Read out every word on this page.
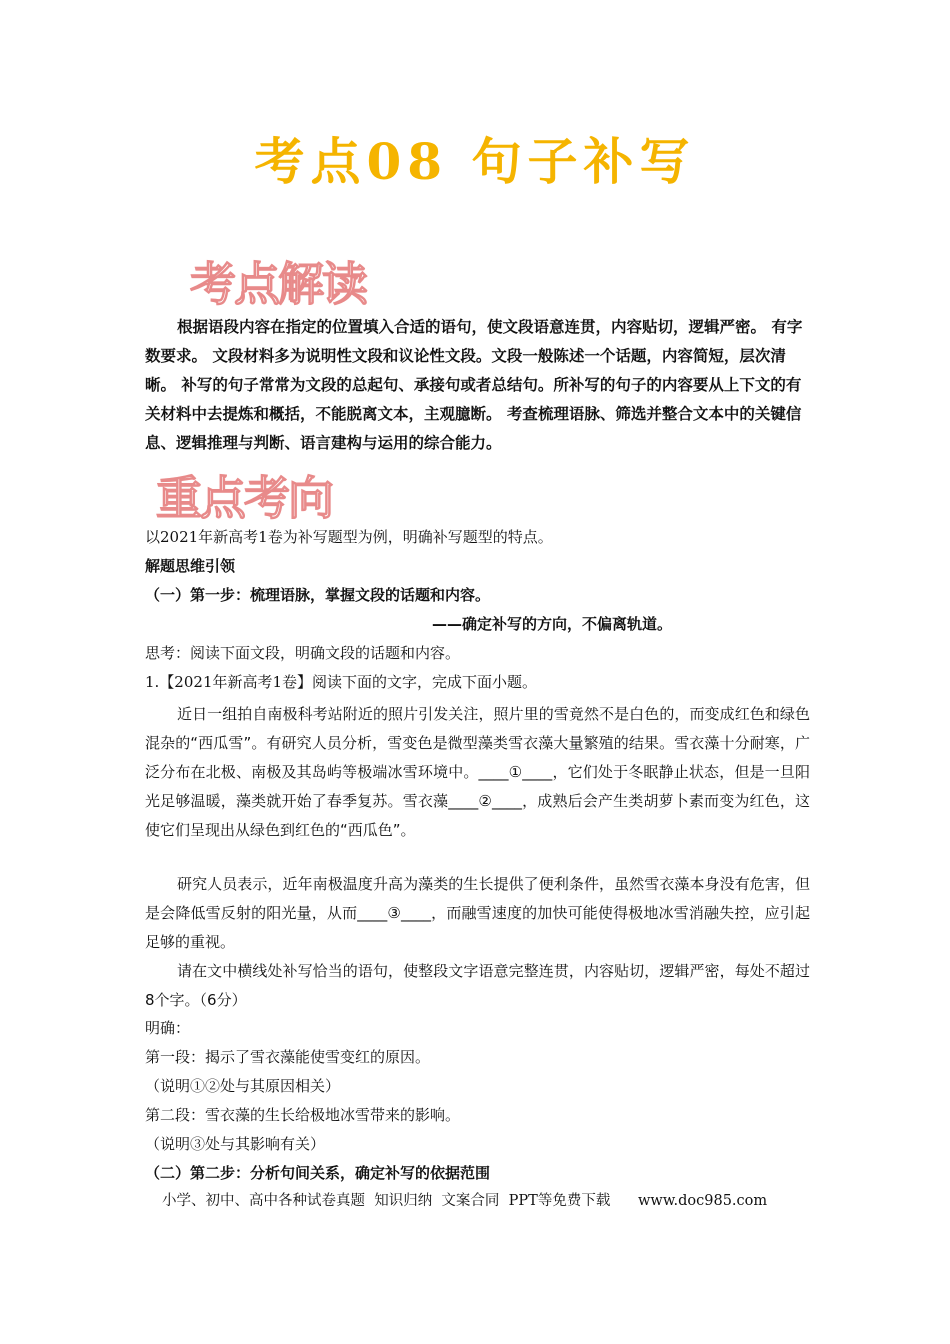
考点08 句子补写
考点解读

根据语段内容在指定的位置填入合适的语句，使文段语意连贯，内容贴切，逻辑严密。 有字数要求。 文段材料多为说明性文段和议论性文段。文段一般陈述一个话题，内容简短，层次清晰。 补写的句子常常为文段的总起句、承接句或者总结句。所补写的句子的内容要从上下文的有关材料中去提炼和概括，不能脱离文本，主观臆断。 考查梳理语脉、筛选并整合文本中的关键信息、逻辑推理与判断、语言建构与运用的综合能力。

重点考向

以2021年新高考1卷为补写题型为例，明确补写题型的特点。

解题思维引领

（一）第一步：梳理语脉，掌握文段的话题和内容。

——确定补写的方向，不偏离轨道。

思考：阅读下面文段，明确文段的话题和内容。

1.【2021年新高考1卷】阅读下面的文字，完成下面小题。

近日一组拍自南极科考站附近的照片引发关注，照片里的雪竟然不是白色的，而变成红色和绿色混杂的“西瓜雪”。有研究人员分析，雪变色是微型藻类雪衣藻大量繁殖的结果。雪衣藻十分耐寒，广泛分布在北极、南极及其岛屿等极端冰雪环境中。____①____，它们处于冬眠静止状态，但是一旦阳光足够温暖，藻类就开始了春季复苏。雪衣藻____②____，成熟后会产生类胡萝卜素而变为红色，这使它们呈现出从绿色到红色的“西瓜色”。

研究人员表示，近年南极温度升高为藻类的生长提供了便利条件，虽然雪衣藻本身没有危害，但是会降低雪反射的阳光量，从而____③____，而融雪速度的加快可能使得极地冰雪消融失控，应引起足够的重视。

请在文中横线处补写恰当的语句，使整段文字语意完整连贯，内容贴切，逻辑严密，每处不超过8个字。（6分）

明确：

第一段：揭示了雪衣藻能使雪变红的原因。

（说明①②处与其原因相关）

第二段：雪衣藻的生长给极地冰雪带来的影响。

（说明③处与其影响有关）

（二）第二步：分析句间关系，确定补写的依据范围

小学、初中、高中各种试卷真题  知识归纳  文案合同  PPT等免费下载      www.doc985.com
